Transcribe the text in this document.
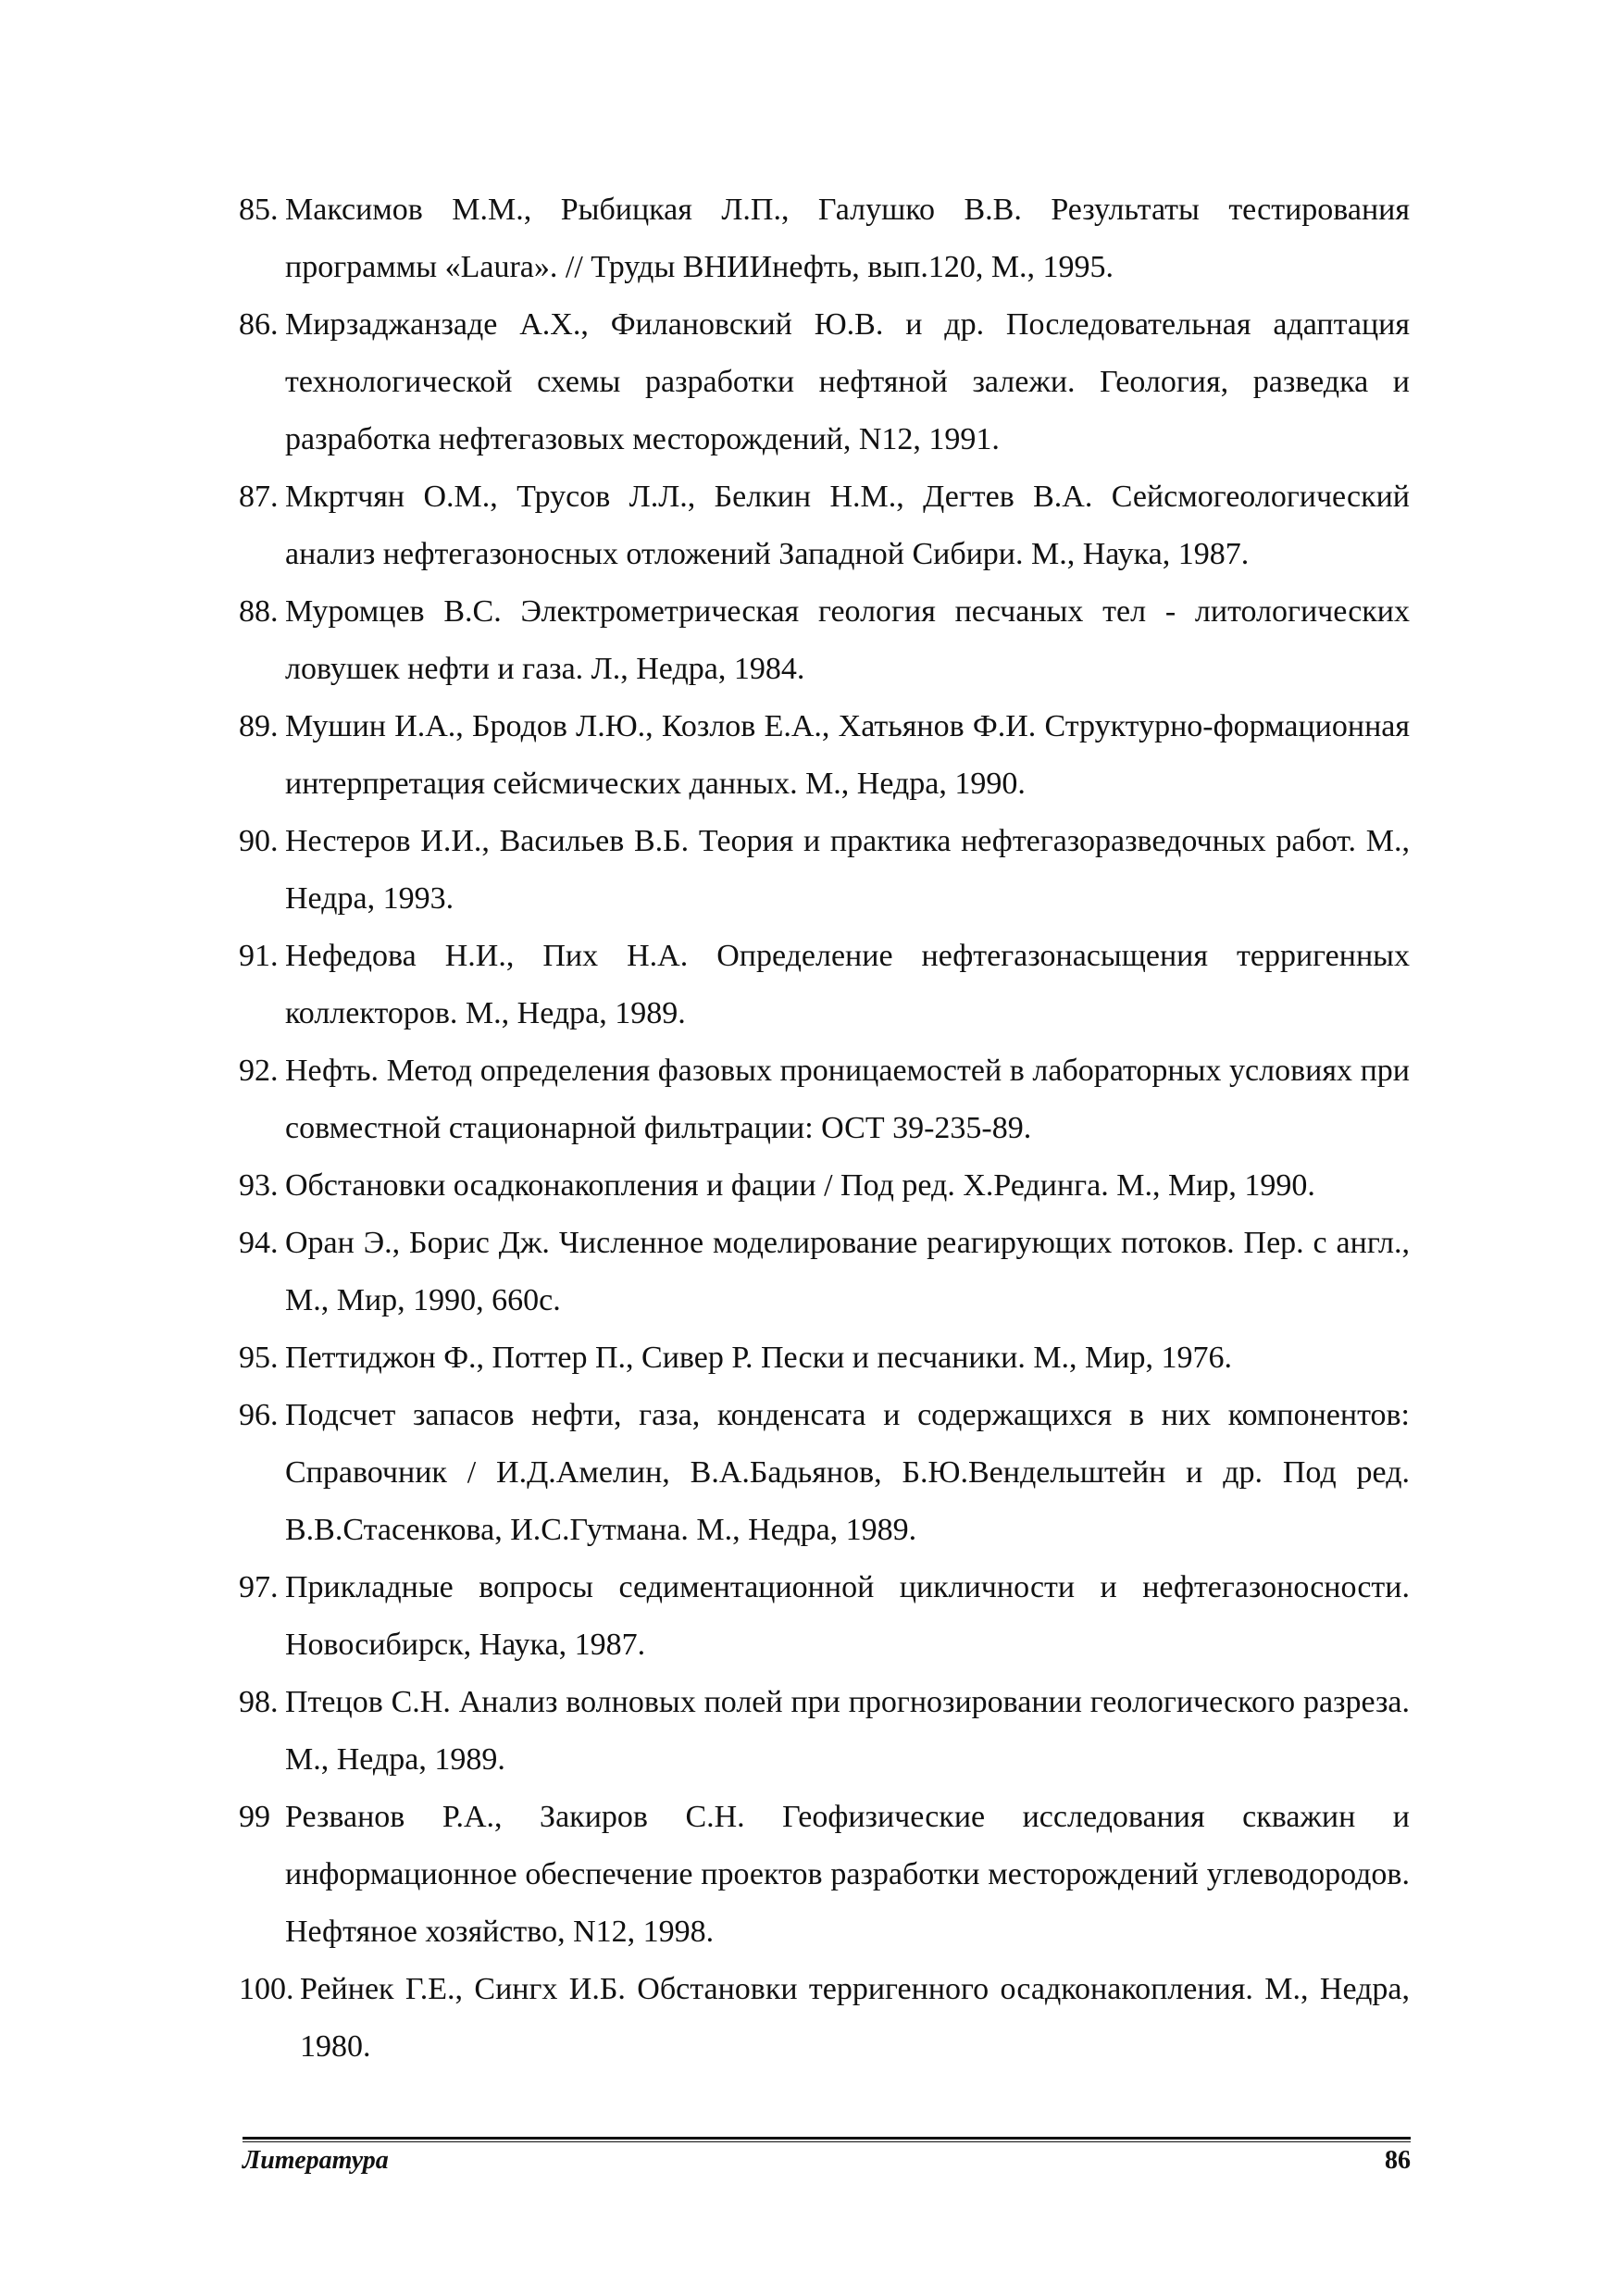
85. Максимов М.М., Рыбицкая Л.П., Галушко В.В. Результаты тестирования программы «Laura». // Труды ВНИИнефть, вып.120, М., 1995.
86. Мирзаджанзаде А.Х., Филановский Ю.В. и др. Последовательная адаптация технологической схемы разработки нефтяной залежи. Геология, разведка и разработка нефтегазовых месторождений, N12, 1991.
87. Мкртчян О.М., Трусов Л.Л., Белкин Н.М., Дегтев В.А. Сейсмогеологический анализ нефтегазоносных отложений Западной Сибири. М., Наука, 1987.
88. Муромцев В.С. Электрометрическая геология песчаных тел - литологических ловушек нефти и газа. Л., Недра, 1984.
89. Мушин И.А., Бродов Л.Ю., Козлов Е.А., Хатьянов Ф.И. Структурно-формационная интерпретация сейсмических данных. М., Недра, 1990.
90. Нестеров И.И., Васильев В.Б. Теория и практика нефтегазоразведочных работ. М., Недра, 1993.
91. Нефедова Н.И., Пих Н.А. Определение нефтегазонасыщения терригенных коллекторов. М., Недра, 1989.
92. Нефть. Метод определения фазовых проницаемостей в лабораторных условиях при совместной стационарной фильтрации: ОСТ 39-235-89.
93. Обстановки осадконакопления и фации / Под ред. Х.Рединга. М., Мир, 1990.
94. Оран Э., Борис Дж. Численное моделирование реагирующих потоков. Пер. с англ., М., Мир, 1990, 660с.
95. Петтиджон Ф., Поттер П., Сивер Р. Пески и песчаники. М., Мир, 1976.
96. Подсчет запасов нефти, газа, конденсата и содержащихся в них компонентов: Справочник / И.Д.Амелин, В.А.Бадьянов, Б.Ю.Вендельштейн и др. Под ред. В.В.Стасенкова, И.С.Гутмана. М., Недра, 1989.
97. Прикладные вопросы седиментационной цикличности и нефтегазоносности. Новосибирск, Наука, 1987.
98. Птецов С.Н. Анализ волновых полей при прогнозировании геологического разреза. М., Недра, 1989.
99 Резванов Р.А., Закиров С.Н. Геофизические исследования скважин и информационное обеспечение проектов разработки месторождений углеводородов. Нефтяное хозяйство, N12, 1998.
100. Рейнек Г.Е., Сингх И.Б. Обстановки терригенного осадконакопления. М., Недра, 1980.
Литература	86
